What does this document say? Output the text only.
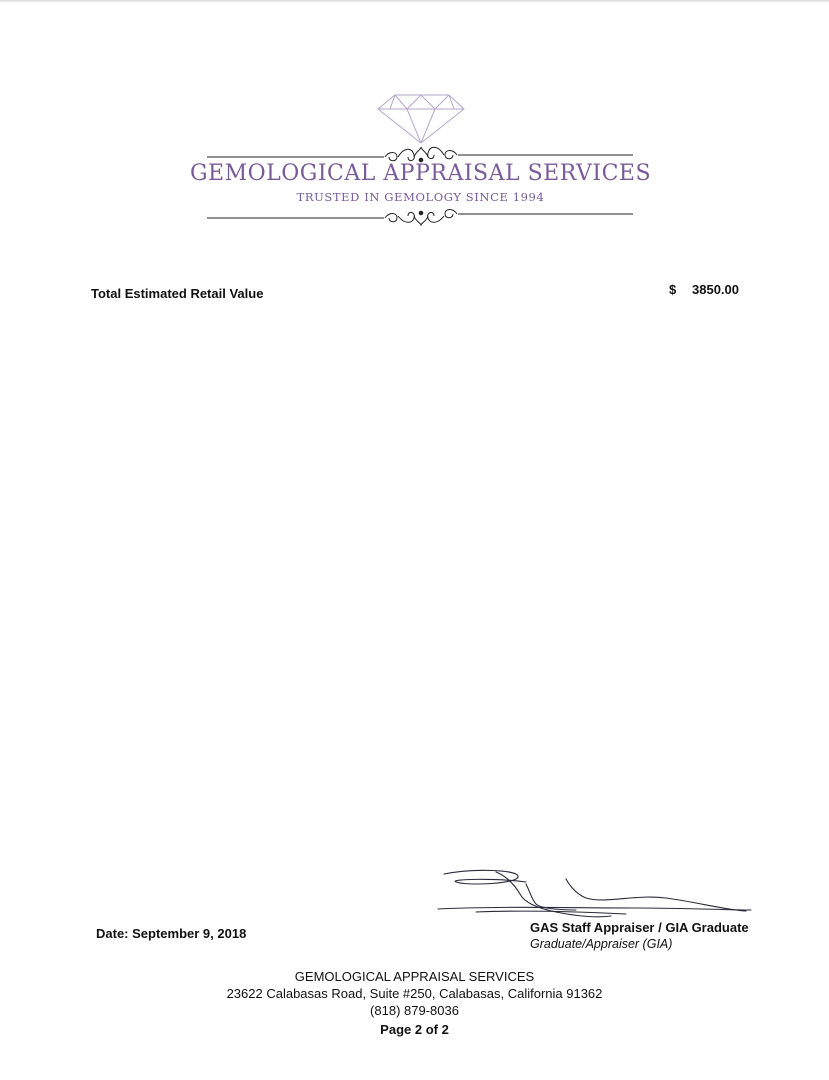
GEMOLOGICAL APPRAISAL SERVICES
TRUSTED IN GEMOLOGY SINCE 1994
Total Estimated Retail Value	$ 3850.00
Date: September 9, 2018	GAS Staff Appraiser / GIA Graduate
Graduate/Appraiser (GIA)
GEMOLOGICAL APPRAISAL SERVICES
23622 Calabasas Road, Suite #250, Calabasas, California 91362
(818) 879-8036
Page 2 of 2
